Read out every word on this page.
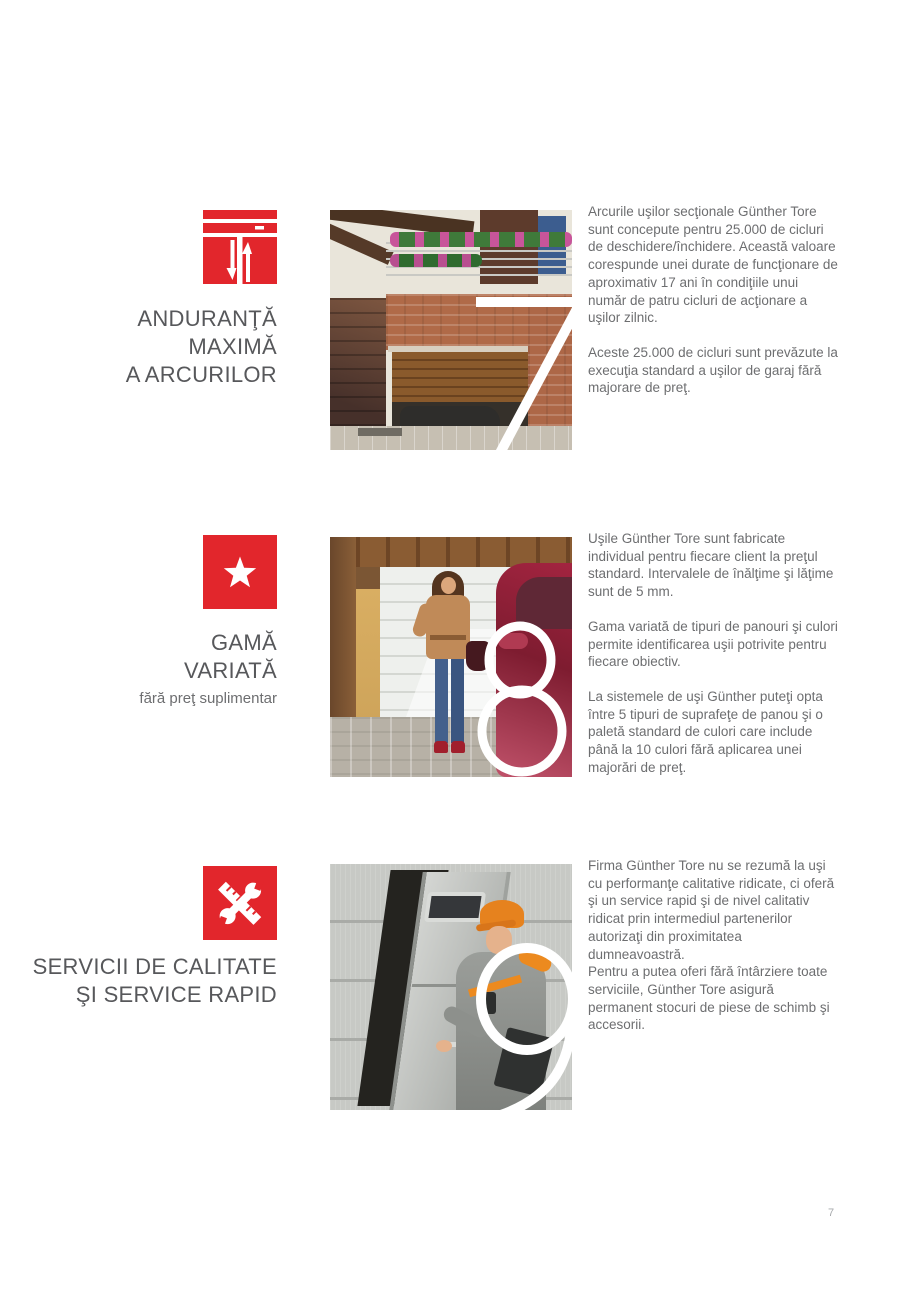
ANDURANŢĂ
MAXIMĂ
A ARCURILOR

Arcurile uşilor secţionale Günther Tore sunt concepute pentru 25.000 de cicluri de deschidere/închidere. Această valoare corespunde unei durate de funcţionare de aproximativ 17 ani în condiţiile unui număr de patru cicluri de acţionare a uşilor zilnic.

Aceste 25.000 de cicluri sunt prevăzute la execuţia standard a uşilor de garaj fără majorare de preţ.

GAMĂ
VARIATĂ
fără preţ suplimentar

Uşile Günther Tore sunt fabricate individual pentru fiecare client la preţul standard. Intervalele de înălţime şi lăţime sunt de 5 mm.

Gama variată de tipuri de panouri şi culori permite identificarea uşii potrivite pentru fiecare obiectiv.

La sistemele de uşi Günther puteţi opta între 5 tipuri de suprafeţe de panou şi o paletă standard de culori care include până la 10 culori fără aplicarea unei majorări de preţ.

SERVICII DE CALITATE
ŞI SERVICE RAPID

Firma Günther Tore nu se rezumă la uşi cu performanţe calitative ridicate, ci oferă şi un service rapid şi de nivel calitativ ridicat prin intermediul partenerilor autorizaţi din proximitatea dumneavoastră.

Pentru a putea oferi fără întârziere toate serviciile, Günther Tore asigură permanent stocuri de piese de schimb şi accesorii.

7
